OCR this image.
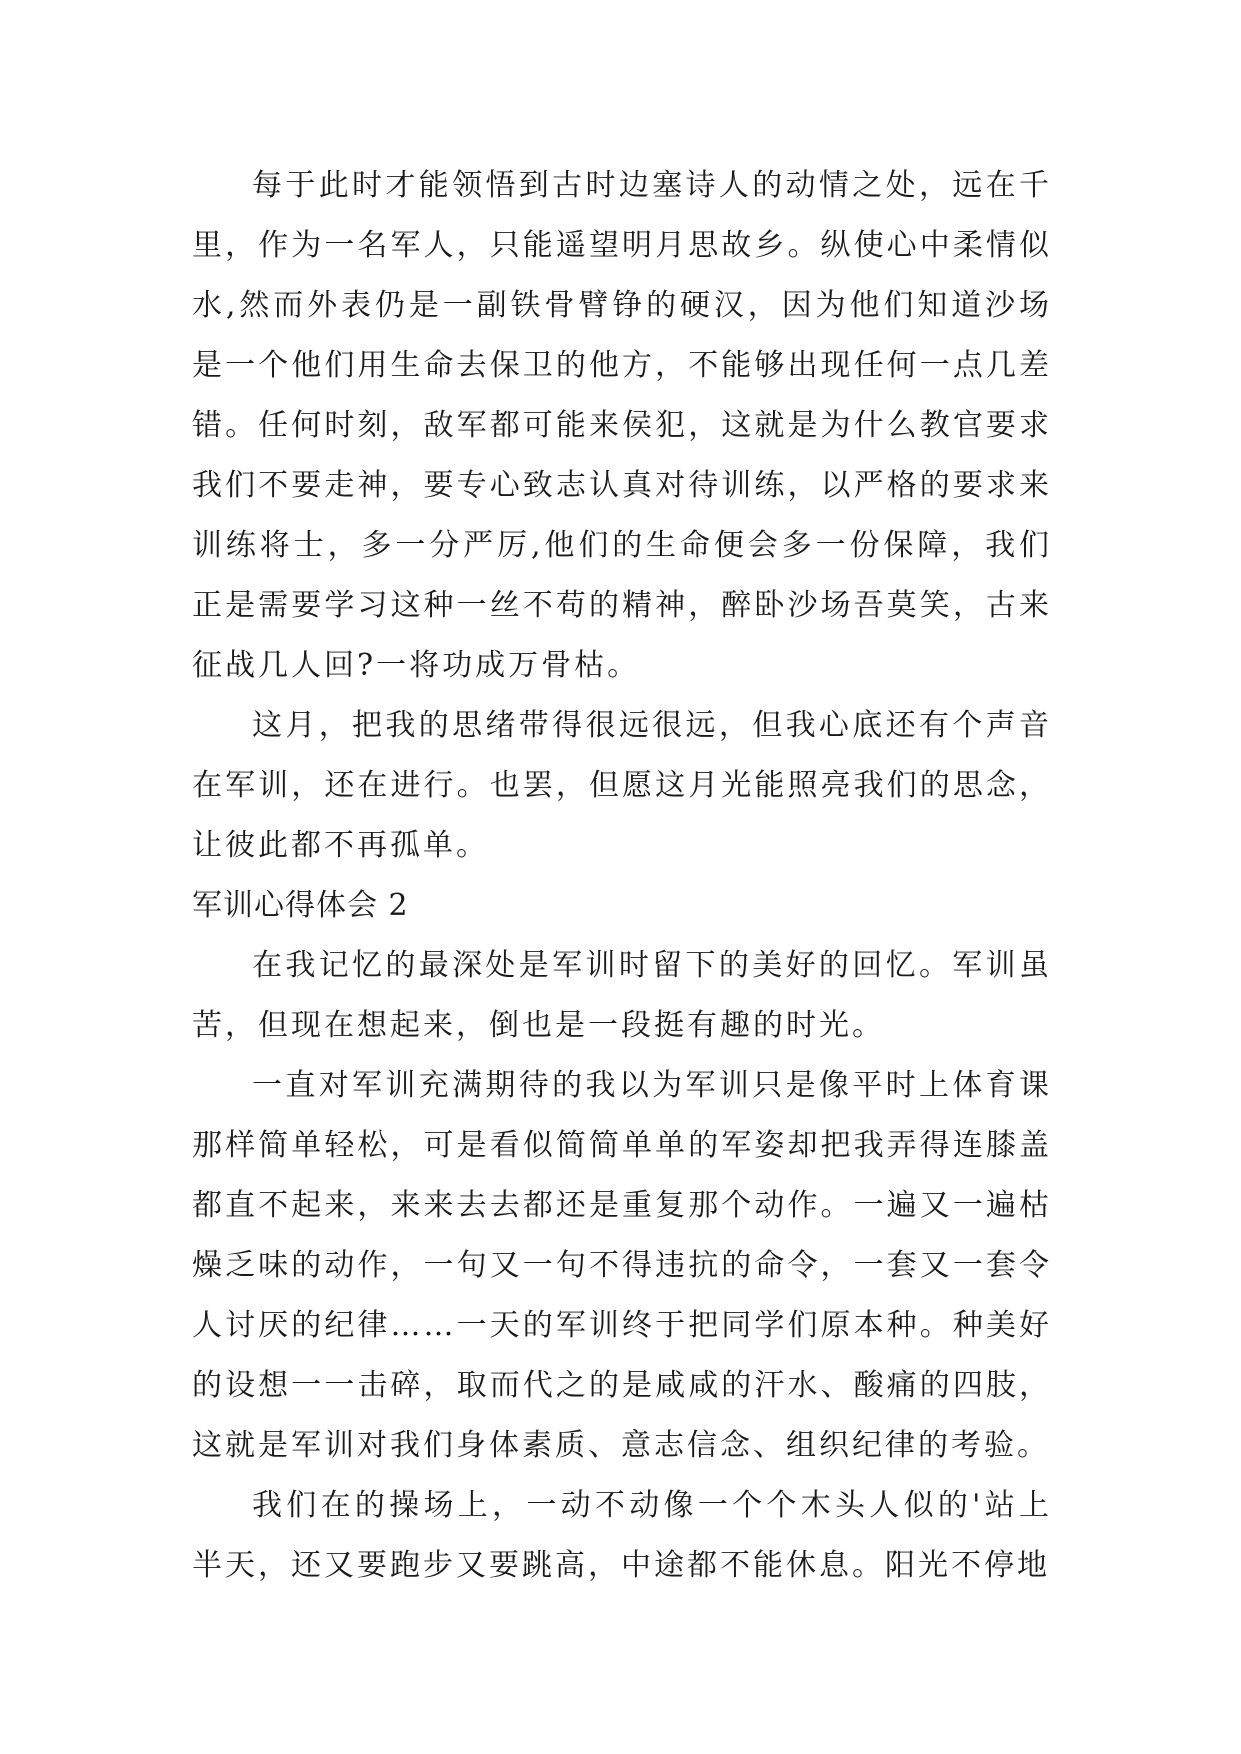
每于此时才能领悟到古时边塞诗人的动情之处，远在千里，作为一名军人，只能遥望明月思故乡。纵使心中柔情似水,然而外表仍是一副铁骨臂铮的硬汉，因为他们知道沙场是一个他们用生命去保卫的他方，不能够出现任何一点几差错。任何时刻，敌军都可能来侯犯，这就是为什么教官要求我们不要走神，要专心致志认真对待训练，以严格的要求来训练将士，多一分严厉,他们的生命便会多一份保障，我们正是需要学习这种一丝不苟的精神，醉卧沙场吾莫笑，古来征战几人回?一将功成万骨枯。

这月，把我的思绪带得很远很远，但我心底还有个声音在军训，还在进行。也罢，但愿这月光能照亮我们的思念，让彼此都不再孤单。

军训心得体会 2

在我记忆的最深处是军训时留下的美好的回忆。军训虽苦，但现在想起来，倒也是一段挺有趣的时光。

一直对军训充满期待的我以为军训只是像平时上体育课那样简单轻松，可是看似简简单单的军姿却把我弄得连膝盖都直不起来，来来去去都还是重复那个动作。一遍又一遍枯燥乏味的动作，一句又一句不得违抗的命令，一套又一套令人讨厌的纪律……一天的军训终于把同学们原本种。种美好的设想一一击碎，取而代之的是咸咸的汗水、酸痛的四肢，这就是军训对我们身体素质、意志信念、组织纪律的考验。

我们在的操场上，一动不动像一个个木头人似的'站上半天，还又要跑步又要跳高，中途都不能休息。阳光不停地
